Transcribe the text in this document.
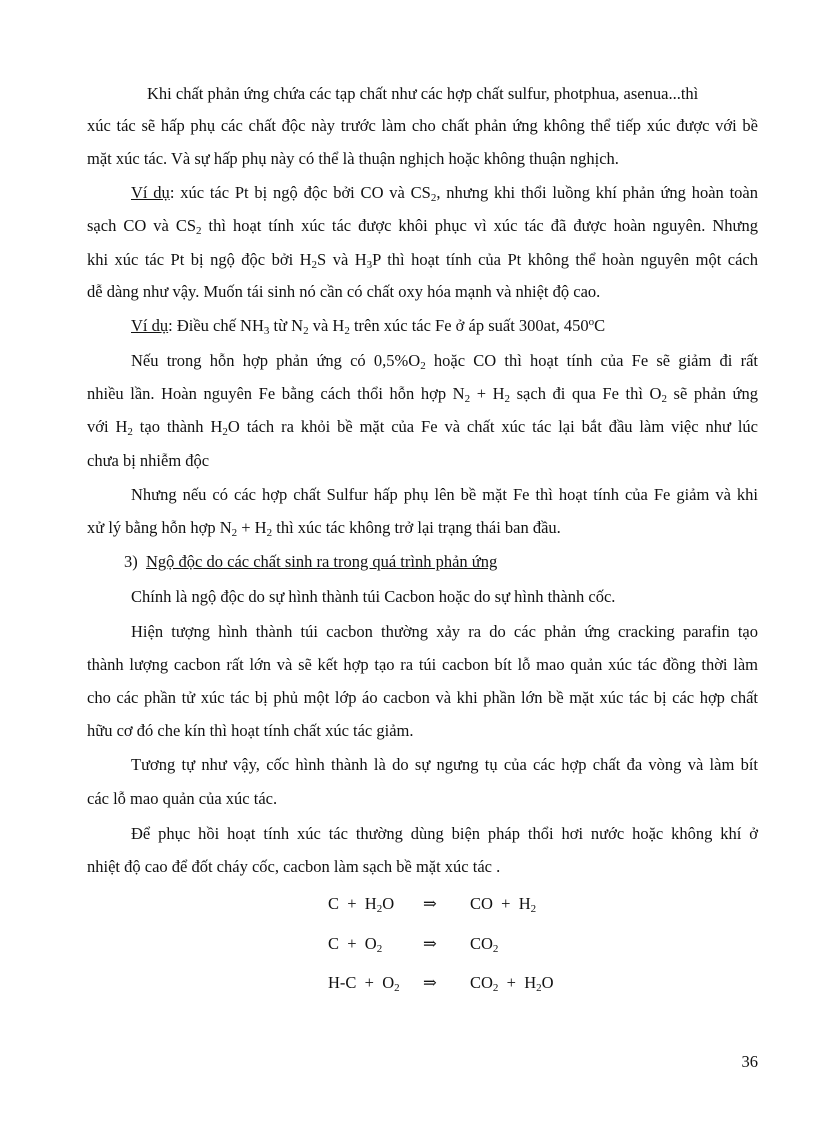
Khi chất phản ứng chứa các tạp chất như các hợp chất sulfur, photphua, asenua...thì
xúc tác sẽ hấp phụ các chất độc này trước làm cho chất phản ứng không thể tiếp xúc được với bề
mặt xúc tác. Và sự hấp phụ này có thể là thuận nghịch hoặc không thuận nghịch.
Ví dụ: xúc tác Pt bị ngộ độc bởi CO và $CS_2$, nhưng khi thổi luồng khí phản ứng hoàn toàn
sạch CO và $CS_2$ thì hoạt tính xúc tác được khôi phục vì xúc tác đã được hoàn nguyên. Nhưng
khi xúc tác Pt bị ngộ độc bởi $H_2S$ và $H_3P$ thì hoạt tính của Pt không thể hoàn nguyên một cách
dễ dàng như vậy. Muốn tái sinh nó cần có chất oxy hóa mạnh và nhiệt độ cao.
Ví dụ: Điều chế $NH_3$ từ $N_2$ và $H_2$ trên xúc tác Fe ở áp suất 300at, 450$^o$C
Nếu trong hỗn hợp phản ứng có $0,5\%O_2$ hoặc CO thì hoạt tính của Fe sẽ giảm đi rất
nhiều lần. Hoàn nguyên Fe bằng cách thổi hỗn hợp $N_2 + H_2$ sạch đi qua Fe thì $O_2$ sẽ phản ứng
với $H_2$ tạo thành $H_2O$ tách ra khỏi bề mặt của Fe và chất xúc tác lại bắt đầu làm việc như lúc
chưa bị nhiễm độc
Nhưng nếu có các hợp chất Sulfur hấp phụ lên bề mặt Fe thì hoạt tính của Fe giảm và khi
xử lý bằng hỗn hợp $N_2 + H_2$ thì xúc tác không trở lại trạng thái ban đầu.
3) Ngộ độc do các chất sinh ra trong quá trình phản ứng
Chính là ngộ độc do sự hình thành túi Cacbon hoặc do sự hình thành cốc.
Hiện tượng hình thành túi cacbon thường xảy ra do các phản ứng cracking parafin tạo
thành lượng cacbon rất lớn và sẽ kết hợp tạo ra túi cacbon bít lỗ mao quản xúc tác đồng thời làm
cho các phần tử xúc tác bị phủ một lớp áo cacbon và khi phần lớn bề mặt xúc tác bị các hợp chất
hữu cơ đó che kín thì hoạt tính chất xúc tác giảm.
Tương tự như vậy, cốc hình thành là do sự ngưng tụ của các hợp chất đa vòng và làm bít
các lỗ mao quản của xúc tác.
Để phục hồi hoạt tính xúc tác thường dùng biện pháp thổi hơi nước hoặc không khí ở
nhiệt độ cao để đốt cháy cốc, cacbon làm sạch bề mặt xúc tác .
$C + H_2O$ ⇒ CO  +  $H_2$
$C + O_2$ ⇒ $CO_2$
$H-C + O_2$ ⇒ $CO_2 + H_2O$
36
